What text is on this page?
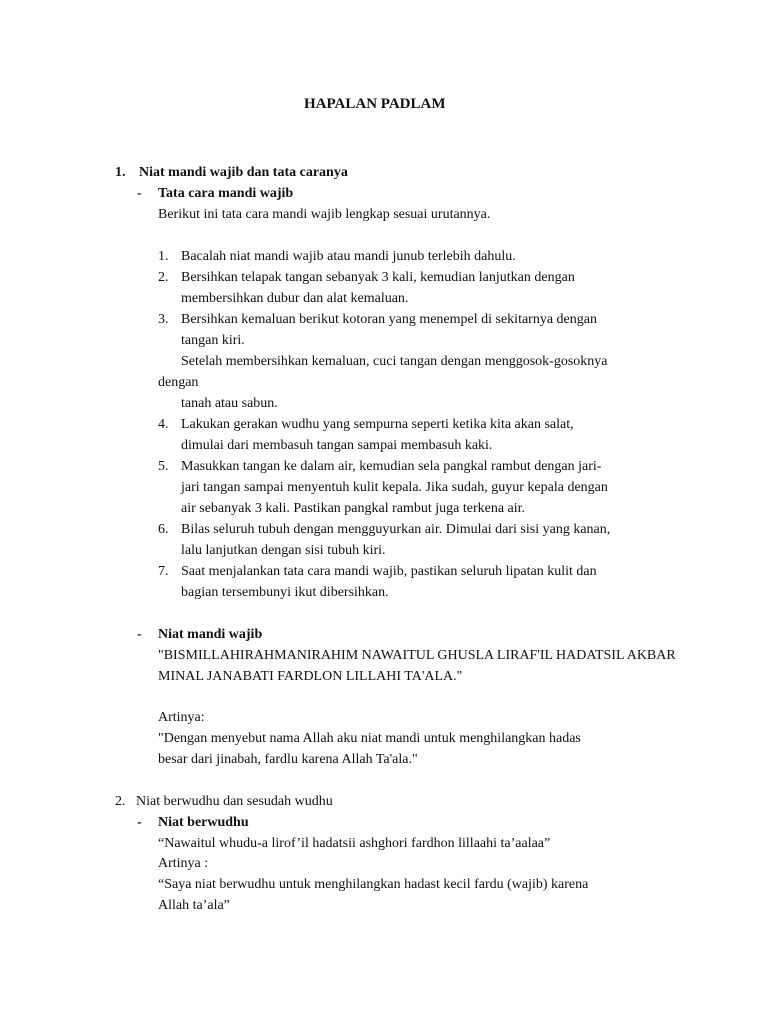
HAPALAN PADLAM
1. Niat mandi wajib dan tata caranya
- Tata cara mandi wajib
Berikut ini tata cara mandi wajib lengkap sesuai urutannya.
1. Bacalah niat mandi wajib atau mandi junub terlebih dahulu.
2. Bersihkan telapak tangan sebanyak 3 kali, kemudian lanjutkan dengan
membersihkan dubur dan alat kemaluan.
3. Bersihkan kemaluan berikut kotoran yang menempel di sekitarnya dengan
tangan kiri.
Setelah membersihkan kemaluan, cuci tangan dengan menggosok-gosoknya
dengan
tanah atau sabun.
4. Lakukan gerakan wudhu yang sempurna seperti ketika kita akan salat,
dimulai dari membasuh tangan sampai membasuh kaki.
5. Masukkan tangan ke dalam air, kemudian sela pangkal rambut dengan jari-
jari tangan sampai menyentuh kulit kepala. Jika sudah, guyur kepala dengan
air sebanyak 3 kali. Pastikan pangkal rambut juga terkena air.
6. Bilas seluruh tubuh dengan mengguyurkan air. Dimulai dari sisi yang kanan,
lalu lanjutkan dengan sisi tubuh kiri.
7. Saat menjalankan tata cara mandi wajib, pastikan seluruh lipatan kulit dan
bagian tersembunyi ikut dibersihkan.
- Niat mandi wajib
"BISMILLAHIRAHMANIRAHIM NAWAITUL GHUSLA LIRAF'IL HADATSIL AKBAR
MINAL JANABATI FARDLON LILLAHI TA'ALA."
Artinya:
"Dengan menyebut nama Allah aku niat mandi untuk menghilangkan hadas
besar dari jinabah, fardlu karena Allah Ta'ala."
2. Niat berwudhu dan sesudah wudhu
- Niat berwudhu
“Nawaitul whudu-a lirof’il hadatsii ashghori fardhon lillaahi ta’aalaa”
Artinya :
“Saya niat berwudhu untuk menghilangkan hadast kecil fardu (wajib) karena
Allah ta’ala”
